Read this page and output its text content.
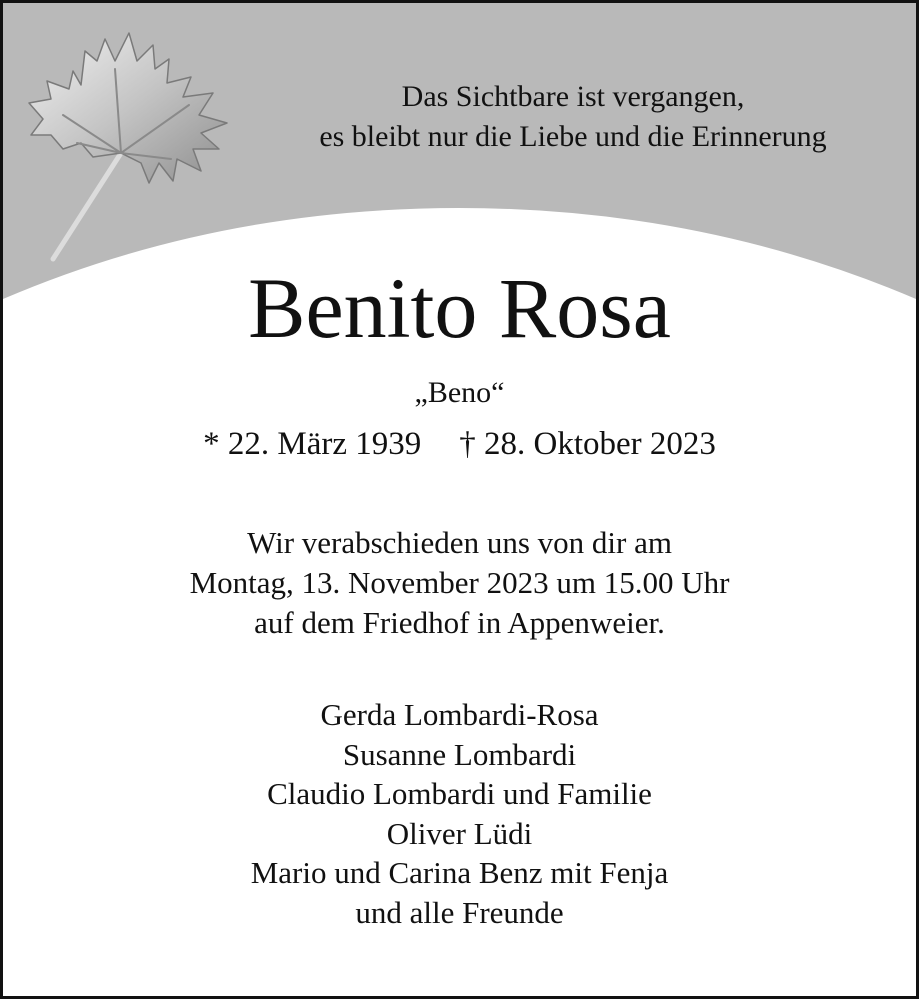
Das Sichtbare ist vergangen,
es bleibt nur die Liebe und die Erinnerung
Benito Rosa
„Beno“
* 22. März 1939 † 28. Oktober 2023
Wir verabschieden uns von dir am
Montag, 13. November 2023 um 15.00 Uhr
auf dem Friedhof in Appenweier.
Gerda Lombardi-Rosa
Susanne Lombardi
Claudio Lombardi und Familie
Oliver Lüdi
Mario und Carina Benz mit Fenja
und alle Freunde
